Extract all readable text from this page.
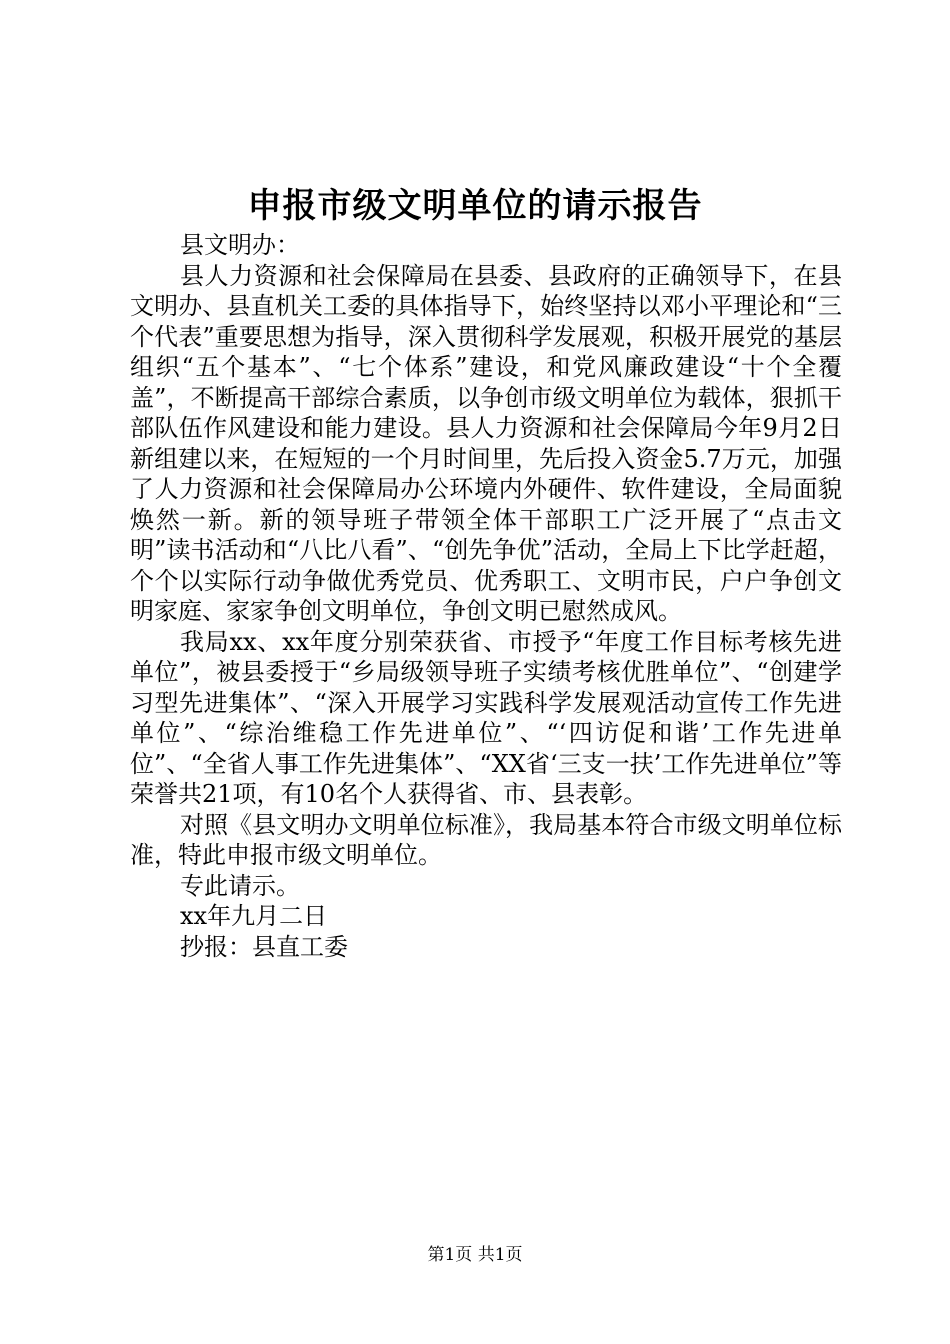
申报市级文明单位的请示报告

县文明办：

县人力资源和社会保障局在县委、县政府的正确领导下，在县文明办、县直机关工委的具体指导下，始终坚持以邓小平理论和“三个代表”重要思想为指导，深入贯彻科学发展观，积极开展党的基层组织“五个基本”、“七个体系”建设，和党风廉政建设“十个全覆盖”，不断提高干部综合素质，以争创市级文明单位为载体，狠抓干部队伍作风建设和能力建设。县人力资源和社会保障局今年9月2日新组建以来，在短短的一个月时间里，先后投入资金5.7万元，加强了人力资源和社会保障局办公环境内外硬件、软件建设，全局面貌焕然一新。新的领导班子带领全体干部职工广泛开展了“点击文明”读书活动和“八比八看”、“创先争优”活动，全局上下比学赶超，个个以实际行动争做优秀党员、优秀职工、文明市民，户户争创文明家庭、家家争创文明单位，争创文明已慰然成风。

我局xx、xx年度分别荣获省、市授予“年度工作目标考核先进单位”，被县委授于“乡局级领导班子实绩考核优胜单位”、“创建学习型先进集体”、“深入开展学习实践科学发展观活动宣传工作先进单位”、“综治维稳工作先进单位”、“‘四访促和谐’工作先进单位”、“全省人事工作先进集体”、“XX省‘三支一扶’工作先进单位”等荣誉共21项，有10名个人获得省、市、县表彰。

对照《县文明办文明单位标准》，我局基本符合市级文明单位标准，特此申报市级文明单位。

专此请示。

xx年九月二日

抄报：县直工委

第1页 共1页
